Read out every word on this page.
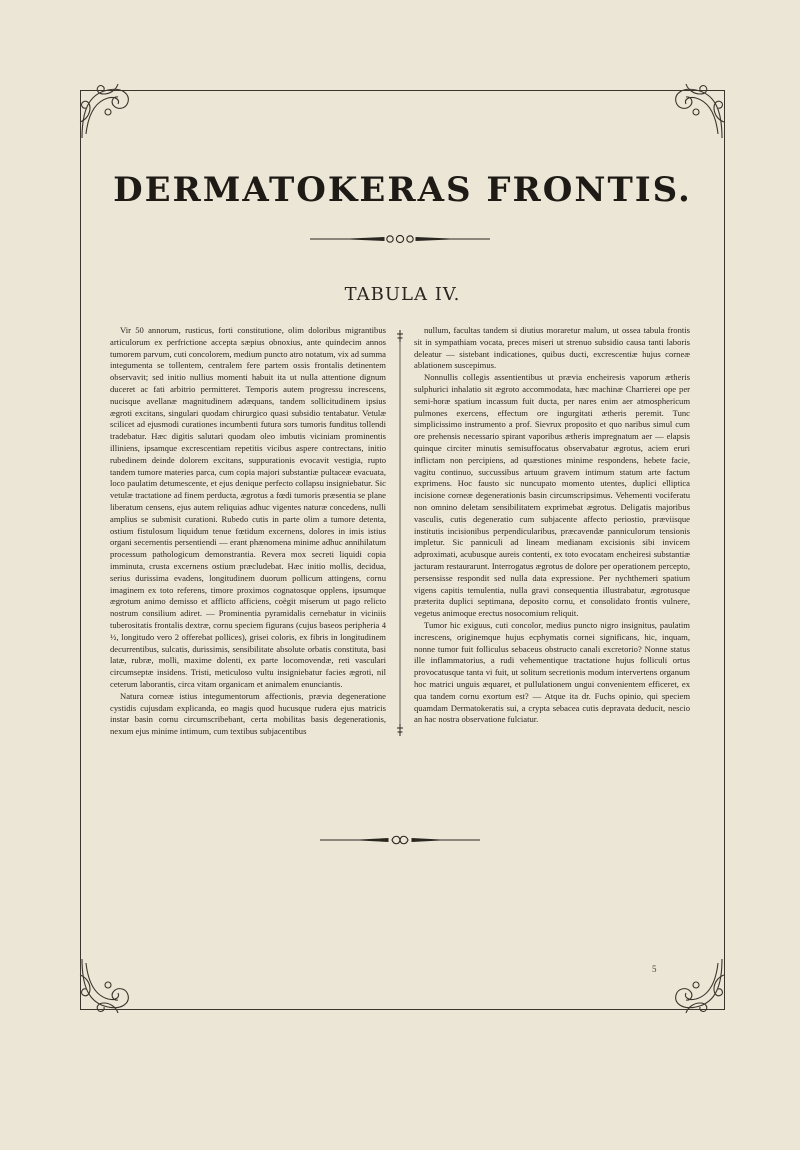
DERMATOKERAS FRONTIS.
TABULA IV.

Vir 50 annorum, rusticus, forti constitutione, olim doloribus migrantibus articulorum ex perfrictione accepta sæpius obnoxius, ante quindecim annos tumorem parvum, cuti concolorem, medium puncto atro notatum, vix ad summa integumenta se tollentem, centralem fere partem ossis frontalis detinentem observavit; sed initio nullius momenti habuit ita ut nulla attentione dignum duceret ac fati arbitrio permitteret. Temporis autem progressu increscens, nucisque avellanæ magnitudinem adæquans, tandem sollicitudinem ipsius ægroti excitans, singulari quodam chirurgico quasi subsidio tentabatur. Vetulæ scilicet ad ejusmodi curationes incumbenti futura sors tumoris funditus tollendi tradebatur. Hæc digitis salutari quodam oleo imbutis viciniam prominentis illiniens, ipsamque excrescentiam repetitis vicibus aspere contrectans, initio rubedinem deinde dolorem excitans, suppurationis evocavit vestigia, rupto tandem tumore materies parca, cum copia majori substantiæ pultaceæ evacuata, loco paulatim detumescente, et ejus denique perfecto collapsu insigniebatur. Sic vetulæ tractatione ad finem perducta, ægrotus a fœdi tumoris præsentia se plane liberatum censens, ejus autem reliquias adhuc vigentes naturæ concedens, nulli amplius se submisit curationi. Rubedo cutis in parte olim a tumore detenta, ostium fistulosum liquidum tenue fœtidum excernens, dolores in imis istius organi secernentis persentiendi — erant phænomena minime adhuc annihilatum processum pathologicum demonstrantia. Revera mox secreti liquidi copia imminuta, crusta excernens ostium præcludebat. Hæc initio mollis, decidua, serius durissima evadens, longitudinem duorum pollicum attingens, cornu imaginem ex toto referens, timore proximos cognatosque opplens, ipsumque ægrotum animo demisso et afflicto afficiens, coëgit miserum ut pago relicto nostrum consilium adiret. — Prominentia pyramidalis cernebatur in viciniis tuberositatis frontalis dextræ, cornu speciem figurans (cujus baseos peripheria 4 ½, longitudo vero 2 offerebat pollices), grisei coloris, ex fibris in longitudinem decurrentibus, sulcatis, durissimis, sensibilitate absolute orbatis constituta, basi latæ, rubræ, molli, maxime dolenti, ex parte locomovendæ, reti vasculari circumseptæ insidens. Tristi, meticuloso vultu insigniebatur facies ægroti, nil ceterum laborantis, circa vitam organicam et animalem enunciantis.

Natura corneæ istius integumentorum affectionis, prævia degeneratione cystidis cujusdam explicanda, eo magis quod hucusque rudera ejus matricis instar basin cornu circumscribebant, certa mobilitas basis degenerationis, nexum ejus minime intimum, cum textibus subjacentibus

nullum, facultas tandem si diutius moraretur malum, ut ossea tabula frontis sit in sympathiam vocata, preces miseri ut strenuo subsidio causa tanti laboris deleatur — sistebant indicationes, quibus ducti, excrescentiæ hujus corneæ ablationem suscepimus.

Nonnullis collegis assentientibus ut prævia encheiresis vaporum ætheris sulphurici inhalatio sit ægroto accommodata, hæc machinæ Charrierei ope per semi-horæ spatium incassum fuit ducta, per nares enim aer atmosphericum pulmones exercens, effectum ore ingurgitati ætheris peremit. Tunc simplicissimo instrumento a prof. Sievrux proposito et quo naribus simul cum ore prehensis necessario spirant vaporibus ætheris impregnatum aer — elapsis quinque circiter minutis semisuffocatus observabatur ægrotus, aciem eruri inflictam non percipiens, ad quæstiones minime respondens, hebete facie, vagitu continuo, succussibus artuum gravem intimum statum arte factum exprimens. Hoc fausto sic nuncupato momento utentes, duplici elliptica incisione corneæ degenerationis basin circumscripsimus. Vehementi vociferatu non omnino deletam sensibilitatem exprimebat ægrotus. Deligatis majoribus vasculis, cutis degeneratio cum subjacente affecto periostio, præviisque institutis incisionibus perpendicularibus, præcavendæ panniculorum tensionis impletur. Sic panniculi ad lineam medianam excisionis sibi invicem adproximati, acubusque aureis contenti, ex toto evocatam encheiresi substantiæ jacturam restaurarunt. Interrogatus ægrotus de dolore per operationem percepto, persensisse respondit sed nulla data expressione. Per nychthemeri spatium vigens capitis temulentia, nulla gravi consequentia illustrabatur, ægrotusque præterita duplici septimana, deposito cornu, et consolidato frontis vulnere, vegetus animoque erectus nosocomium reliquit.

Tumor hic exiguus, cuti concolor, medius puncto nigro insignitus, paulatim increscens, originemque hujus ecphymatis cornei significans, hic, inquam, nonne tumor fuit folliculus sebaceus obstructo canali excretorio? Nonne status ille inflammatorius, a rudi vehementique tractatione hujus folliculi ortus provocatusque tanta vi fuit, ut solitum secretionis modum intervertens organum hoc matrici unguis æquaret, et pullulationem ungui convenientem efficeret, ex qua tandem cornu exortum est? — Atque ita dr. Fuchs opinio, qui speciem quamdam Dermatokeratis sui, a crypta sebacea cutis depravata deducit, nescio an hac nostra observatione fulciatur.

5
